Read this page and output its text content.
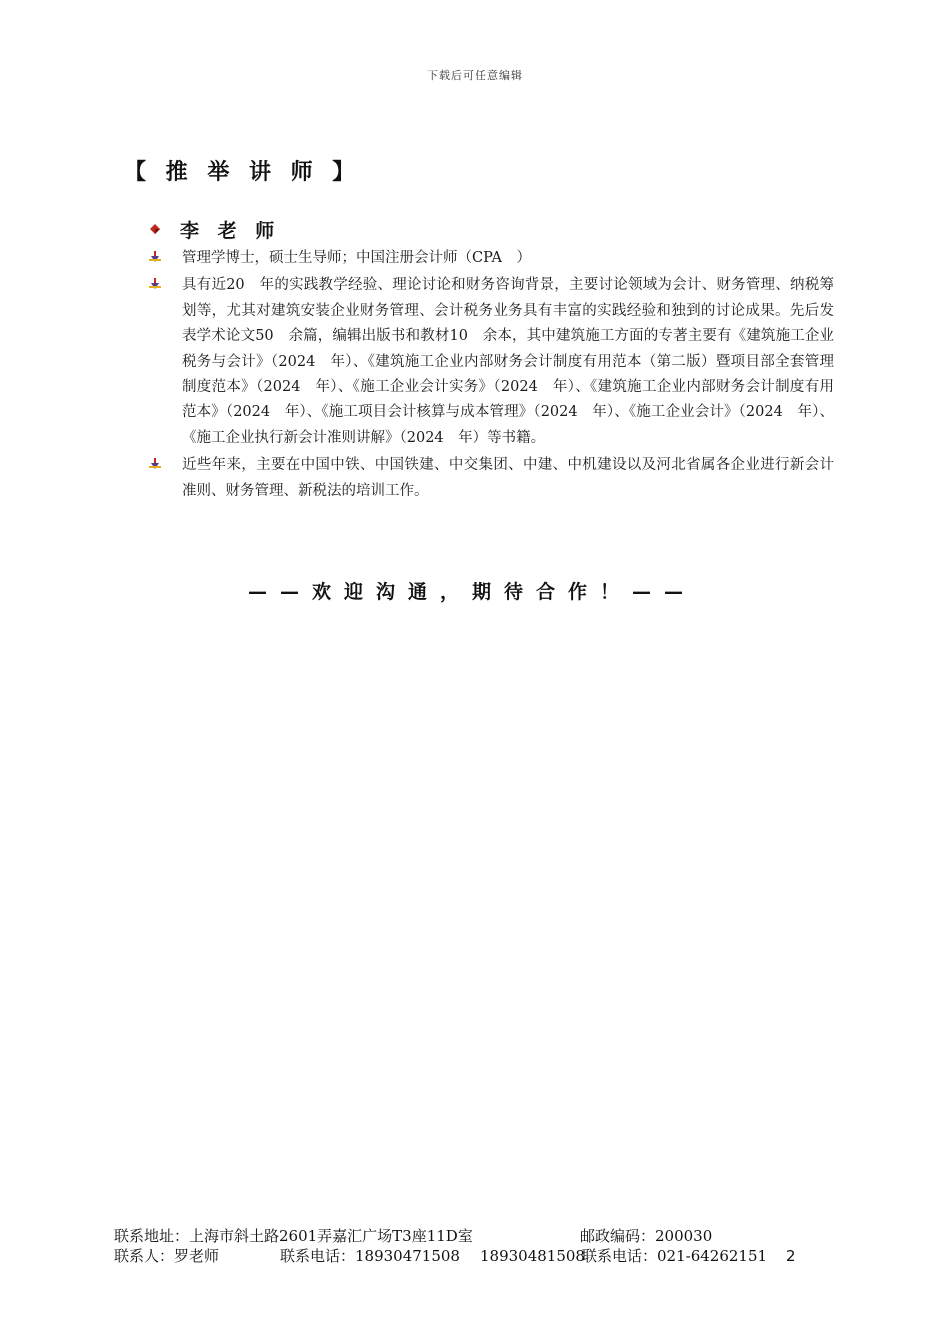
下载后可任意编辑
【 推 举 讲 师 】
李 老 师
管理学博士，硕士生导师；中国注册会计师（CPA　）
具有近20　年的实践教学经验、理论讨论和财务咨询背景，主要讨论领域为会计、财务管理、纳税筹划等，尤其对建筑安装企业财务管理、会计税务业务具有丰富的实践经验和独到的讨论成果。先后发表学术论文50　余篇，编辑出版书和教材10　余本，其中建筑施工方面的专著主要有《建筑施工企业税务与会计》（2024　年）、《建筑施工企业内部财务会计制度有用范本（第二版）暨项目部全套管理制度范本》（2024　年）、《施工企业会计实务》（2024　年）、《建筑施工企业内部财务会计制度有用范本》（2024　年）、《施工项目会计核算与成本管理》（2024　年）、《施工企业会计》（2024　年）、《施工企业执行新会计准则讲解》（2024　年）等书籍。
近些年来，主要在中国中铁、中国铁建、中交集团、中建、中机建设以及河北省属各企业进行新会计准则、财务管理、新税法的培训工作。
——欢迎沟通，期待合作！——
联系地址：上海市斜土路2601弄嘉汇广场T3座11D室	邮政编码：200030
联系人：罗老师	联系电话：18930471508 18930481508
联系电话：021-64262151 2
